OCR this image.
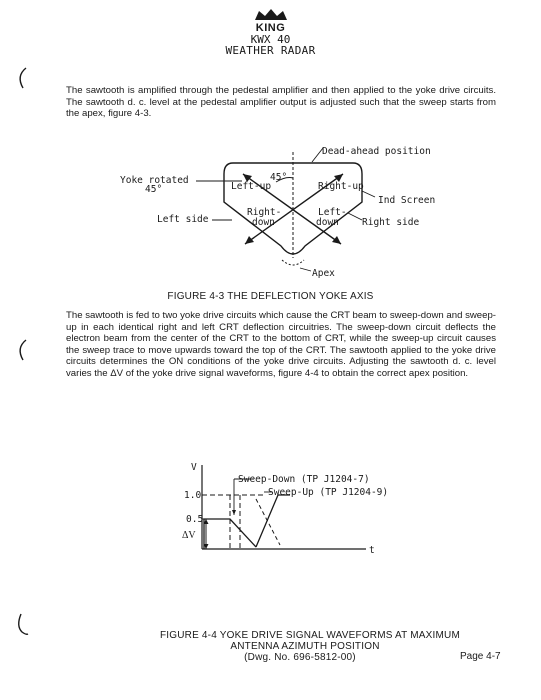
KING
KWX 40
WEATHER RADAR
The sawtooth is amplified through the pedestal amplifier and then applied to the yoke drive circuits. The sawtooth d. c. level at the pedestal amplifier output is adjusted such that the sweep starts from the apex, figure 4-3.
Dead-ahead position
Yoke rotated
45°
45°
Left-up	Right-up
Ind Screen
Left side	Right side
Right-
down
Left-
down
Apex
FIGURE 4-3 THE DEFLECTION YOKE AXIS
The sawtooth is fed to two yoke drive circuits which cause the CRT beam to sweep-down and sweep-up in each identical right and left CRT deflection circuitries. The sweep-down circuit deflects the electron beam from the center of the CRT to the bottom of CRT, while the sweep-up circuit causes the sweep trace to move upwards toward the top of the CRT. The sawtooth applied to the yoke drive circuits determines the ON conditions of the yoke drive circuits. Adjusting the sawtooth d. c. level varies the ΔV of the yoke drive signal waveforms, figure 4-4 to obtain the correct apex position.
V
t
1.0
0.5
ΔV
Sweep-Down (TP J1204-7)
Sweep-Up (TP J1204-9)
FIGURE 4-4 YOKE DRIVE SIGNAL WAVEFORMS AT MAXIMUM
ANTENNA AZIMUTH POSITION
(Dwg. No. 696-5812-00)	Page 4-7
